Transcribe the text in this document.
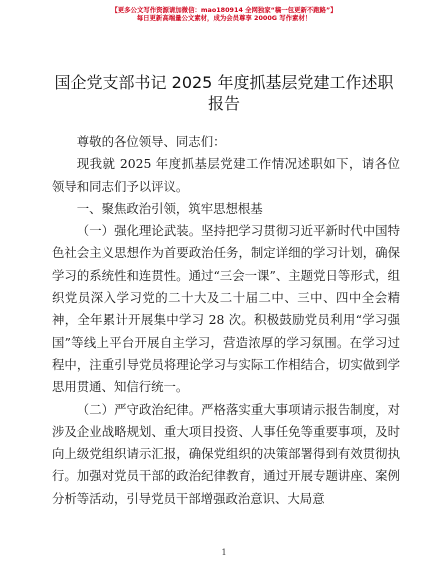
【更多公文写作资源请加微信：mao180914 全网独家“稿一包更新不跑路”】
每日更新高端量公文素材，成为会员尊享 2000G 写作素材！
国企党支部书记 2025 年度抓基层党建工作述职
报告

尊敬的各位领导、同志们：

现我就 2025 年度抓基层党建工作情况述职如下，请各位领导和同志们予以评议。

一、聚焦政治引领，筑牢思想根基

（一）强化理论武装。坚持把学习贯彻习近平新时代中国特色社会主义思想作为首要政治任务，制定详细的学习计划，确保学习的系统性和连贯性。通过“三会一课”、主题党日等形式，组织党员深入学习党的二十大及二十届二中、三中、四中全会精神，全年累计开展集中学习 28 次。积极鼓励党员利用“学习强国”等线上平台开展自主学习，营造浓厚的学习氛围。在学习过程中，注重引导党员将理论学习与实际工作相结合，切实做到学思用贯通、知信行统一。

（二）严守政治纪律。严格落实重大事项请示报告制度，对涉及企业战略规划、重大项目投资、人事任免等重要事项，及时向上级党组织请示汇报，确保党组织的决策部署得到有效贯彻执行。加强对党员干部的政治纪律教育，通过开展专题讲座、案例分析等活动，引导党员干部增强政治意识、大局意

1
